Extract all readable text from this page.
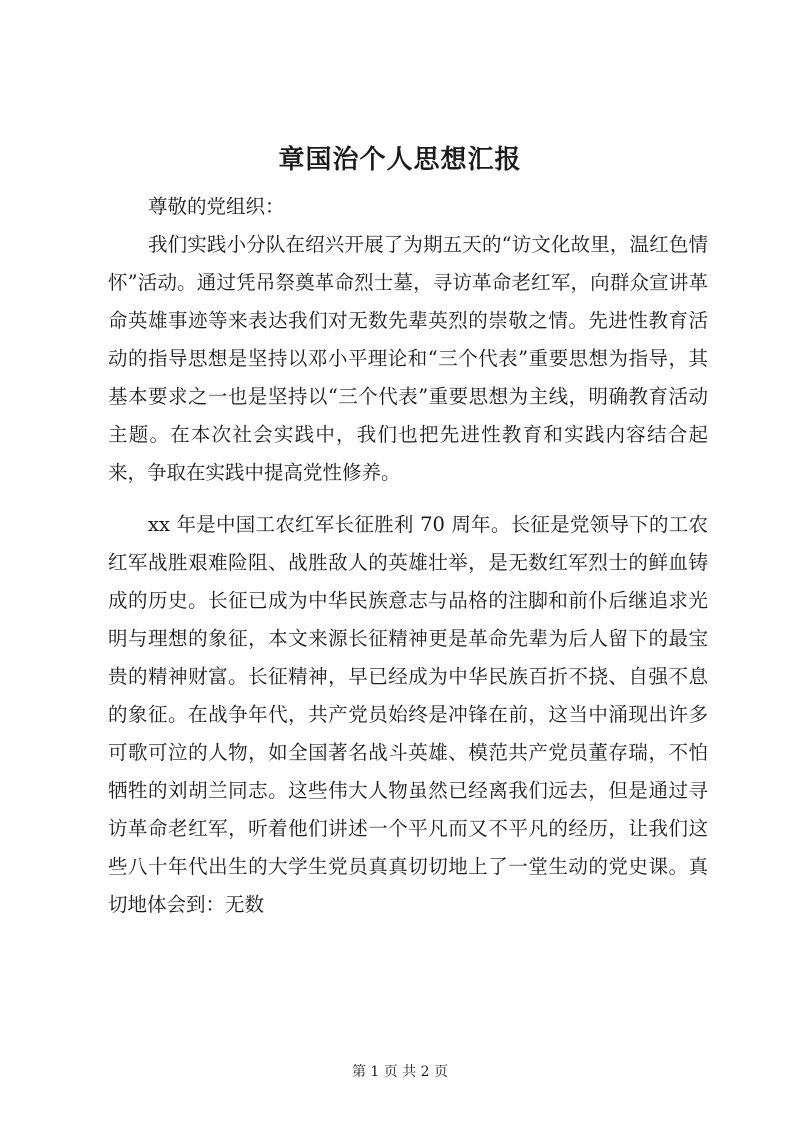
章国治个人思想汇报

尊敬的党组织：

我们实践小分队在绍兴开展了为期五天的“访文化故里，温红色情怀”活动。通过凭吊祭奠革命烈士墓，寻访革命老红军，向群众宣讲革命英雄事迹等来表达我们对无数先辈英烈的崇敬之情。先进性教育活动的指导思想是坚持以邓小平理论和“三个代表”重要思想为指导，其基本要求之一也是坚持以“三个代表”重要思想为主线，明确教育活动主题。在本次社会实践中，我们也把先进性教育和实践内容结合起来，争取在实践中提高党性修养。

xx 年是中国工农红军长征胜利 70 周年。长征是党领导下的工农红军战胜艰难险阻、战胜敌人的英雄壮举，是无数红军烈士的鲜血铸成的历史。长征已成为中华民族意志与品格的注脚和前仆后继追求光明与理想的象征，本文来源长征精神更是革命先辈为后人留下的最宝贵的精神财富。长征精神，早已经成为中华民族百折不挠、自强不息的象征。在战争年代，共产党员始终是冲锋在前，这当中涌现出许多可歌可泣的人物，如全国著名战斗英雄、模范共产党员董存瑞，不怕牺牲的刘胡兰同志。这些伟大人物虽然已经离我们远去，但是通过寻访革命老红军，听着他们讲述一个平凡而又不平凡的经历，让我们这些八十年代出生的大学生党员真真切切地上了一堂生动的党史课。真切地体会到：无数

第 1 页 共 2 页
